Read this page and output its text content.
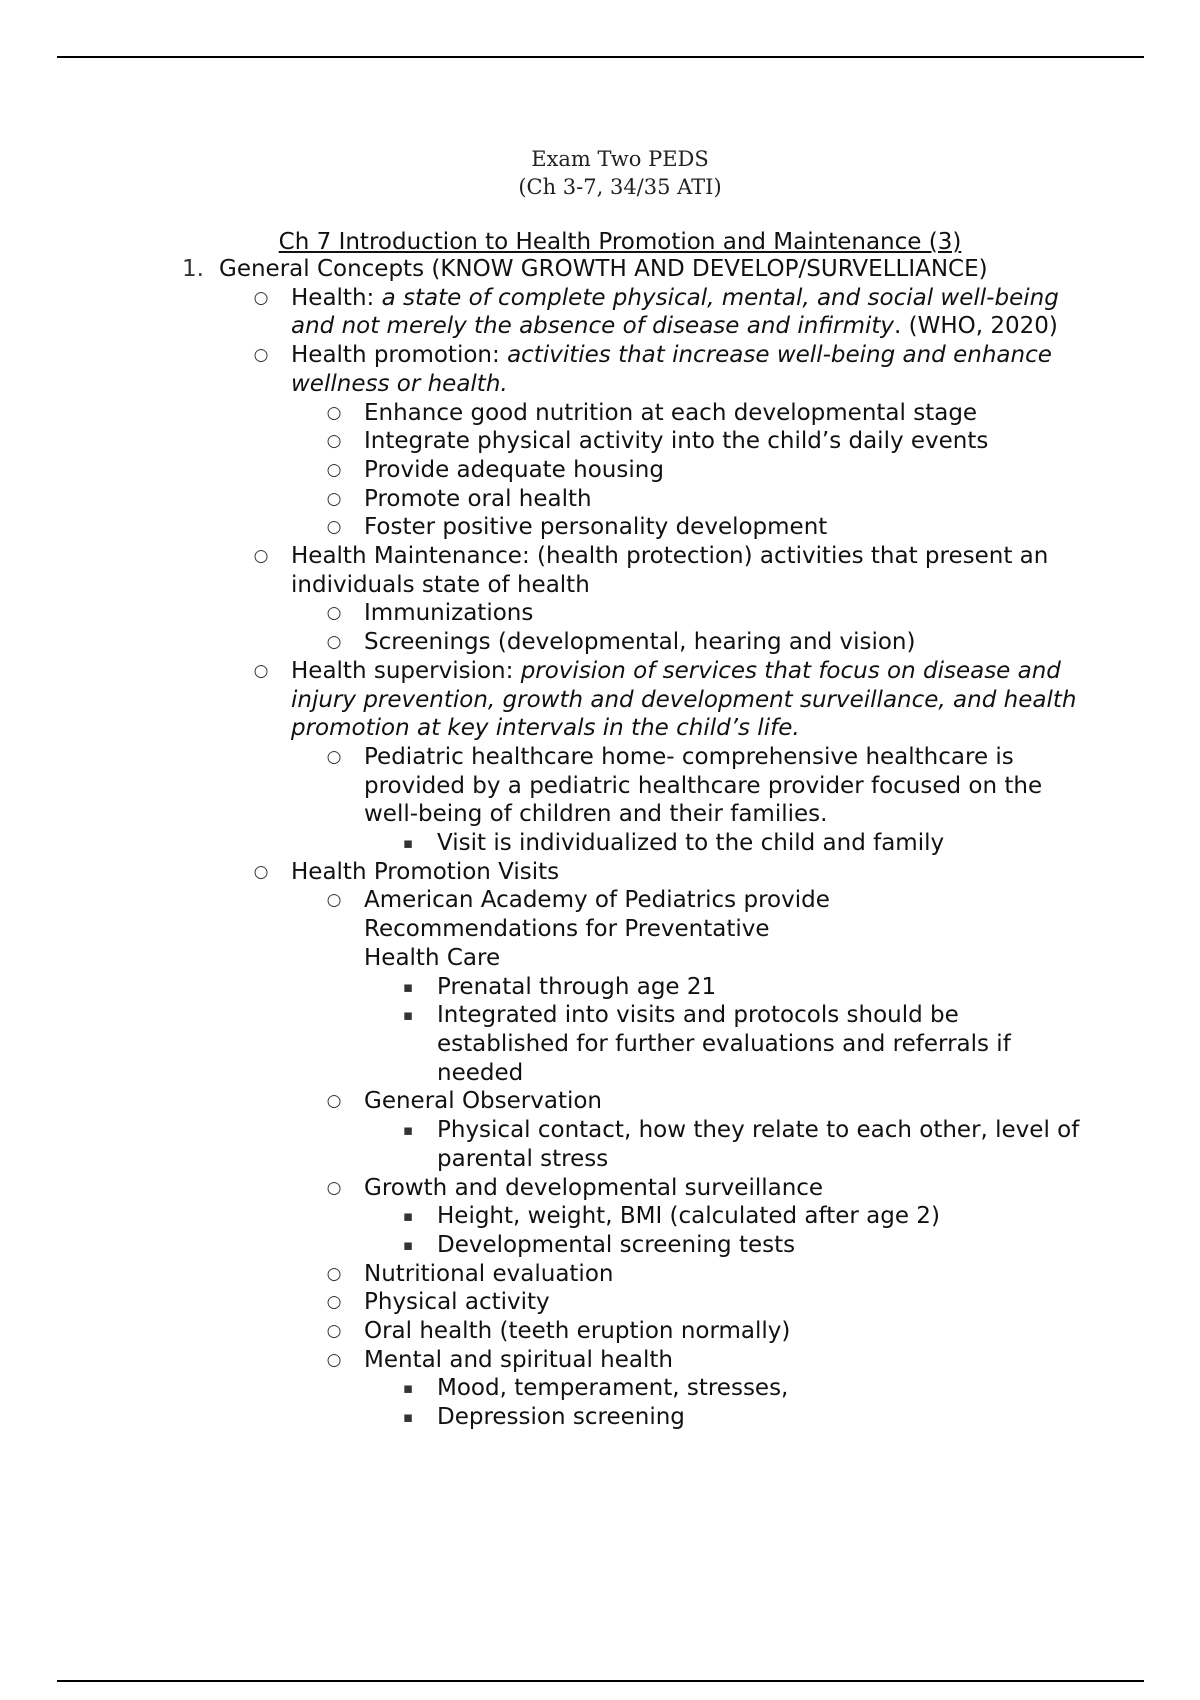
Exam Two PEDS
(Ch 3-7, 34/35 ATI)
Ch 7 Introduction to Health Promotion and Maintenance (3)
1. General Concepts (KNOW GROWTH AND DEVELOP/SURVELLIANCE)
○ Health: a state of complete physical, mental, and social well-being and not merely the absence of disease and infirmity. (WHO, 2020)
○ Health promotion: activities that increase well-being and enhance wellness or health.
○ Enhance good nutrition at each developmental stage
○ Integrate physical activity into the child’s daily events
○ Provide adequate housing
○ Promote oral health
○ Foster positive personality development
○ Health Maintenance: (health protection) activities that present an individuals state of health
○ Immunizations
○ Screenings (developmental, hearing and vision)
○ Health supervision: provision of services that focus on disease and injury prevention, growth and development surveillance, and health promotion at key intervals in the child’s life.
○ Pediatric healthcare home- comprehensive healthcare is provided by a pediatric healthcare provider focused on the well-being of children and their families.
▪	Visit is individualized to the child and family
○ Health Promotion Visits
○ American Academy of Pediatrics provide Recommendations for Preventative Health Care
▪	Prenatal through age 21
▪	Integrated into visits and protocols should be established for further evaluations and referrals if needed
○ General Observation
▪	Physical contact, how they relate to each other, level of parental stress
○ Growth and developmental surveillance
▪	Height, weight, BMI (calculated after age 2)
▪	Developmental screening tests
○ Nutritional evaluation
○ Physical activity
○ Oral health (teeth eruption normally)
○ Mental and spiritual health
▪	Mood, temperament, stresses,
▪	Depression screening
